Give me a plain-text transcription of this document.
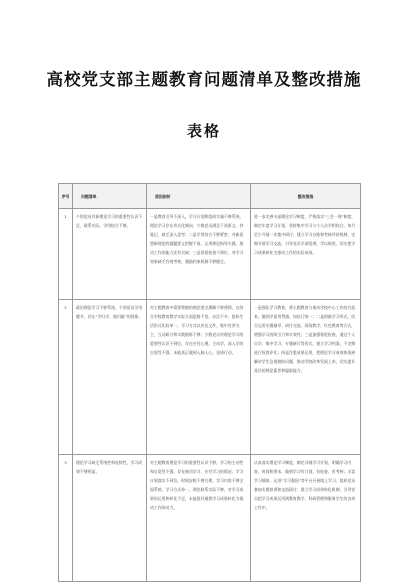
高校党支部主题教育问题清单及整改措施
表格
序号	问题清单	原因剖析	整改措施
1	个别党员对新理论学习的重要性认识不足，联系实际、学用结合不够。	一是教育引导不深入，学习计划和组织实施不够系统，理论学习存在形式化倾向，少数党员满足于读原文、抄笔记，缺乏深入思考；二是学用结合不够紧密，对新思想新理论的精髓要义把握不准，运用理论指导实践、推动工作的能力还有欠缺；三是督促检查不到位，对学习效果缺乏有效考核，激励约束机制不够健全。	进一步完善支部理论学习制度，严格落实“三会一课”制度，制定年度学习计划，坚持集中学习与个人自学相结合，每月至少开展一次集中研讨；建立学习台账和考核评价机制，定期开展学习交流，引导党员学深悟透、学以致用，切实把学习成果转化为推动工作的实际成效。
2	政治理论学习不够系统，个别党员学用脱节，存在“学归学、做归做”的现象。	对主题教育中需要掌握的理论要点理解不够透彻，在结合学校教育教学实际方面思路不宽、办法不多；组织生活形式比较单一，学习方式以传达文件、集中宣讲为主，互动研讨和实践锻炼不够；少数党员对理论学习的重要性认识不到位，存在应付心理，主动学、深入学的自觉性不强，未能真正做到入脑入心、见诸行动。	一是强化学习教育，将主题教育与推动学校中心工作结合起来，做到学思用贯通、知信行统一；二是创新学习形式，综合运用专题辅导、研讨交流、现场教学、红色教育等方式，增强学习的吸引力和实效性；三是加强督促检查，通过个人自学、集中学习、专题研讨等形式，建立学习档案，不定期进行检查评比；四是注重成果运用，把理论学习成效体现到解决学生急难愁盼问题、推动学院改革发展上来，切实提升党员的理论素养和履职能力。
3	理论学习缺乏系统性和连续性，学习成效不够明显。	对主题教育理论学习的重要性认识不够，学习的主动性和自觉性不强，存在被动学习、应付学习的情况；学习计划落实不到位，时间安排不够合理，学习内容不够全面系统；学习方式单一，理论联系实际不够，对学习成果的运用和转化不足，未能很好地将学习成果转化为推动工作的动力。	认真落实理论学习制度，制定详细学习计划，明确学习内容、时间和要求，做到学习有计划、有检查、有考核；丰富学习载体，运用“学习强国”等平台开展线上学习，组织党员参加专题培训和交流研讨；建立学习成果转化机制，引导党员把学习成果运用到教育教学、科研管理和服务学生的各项工作中。
